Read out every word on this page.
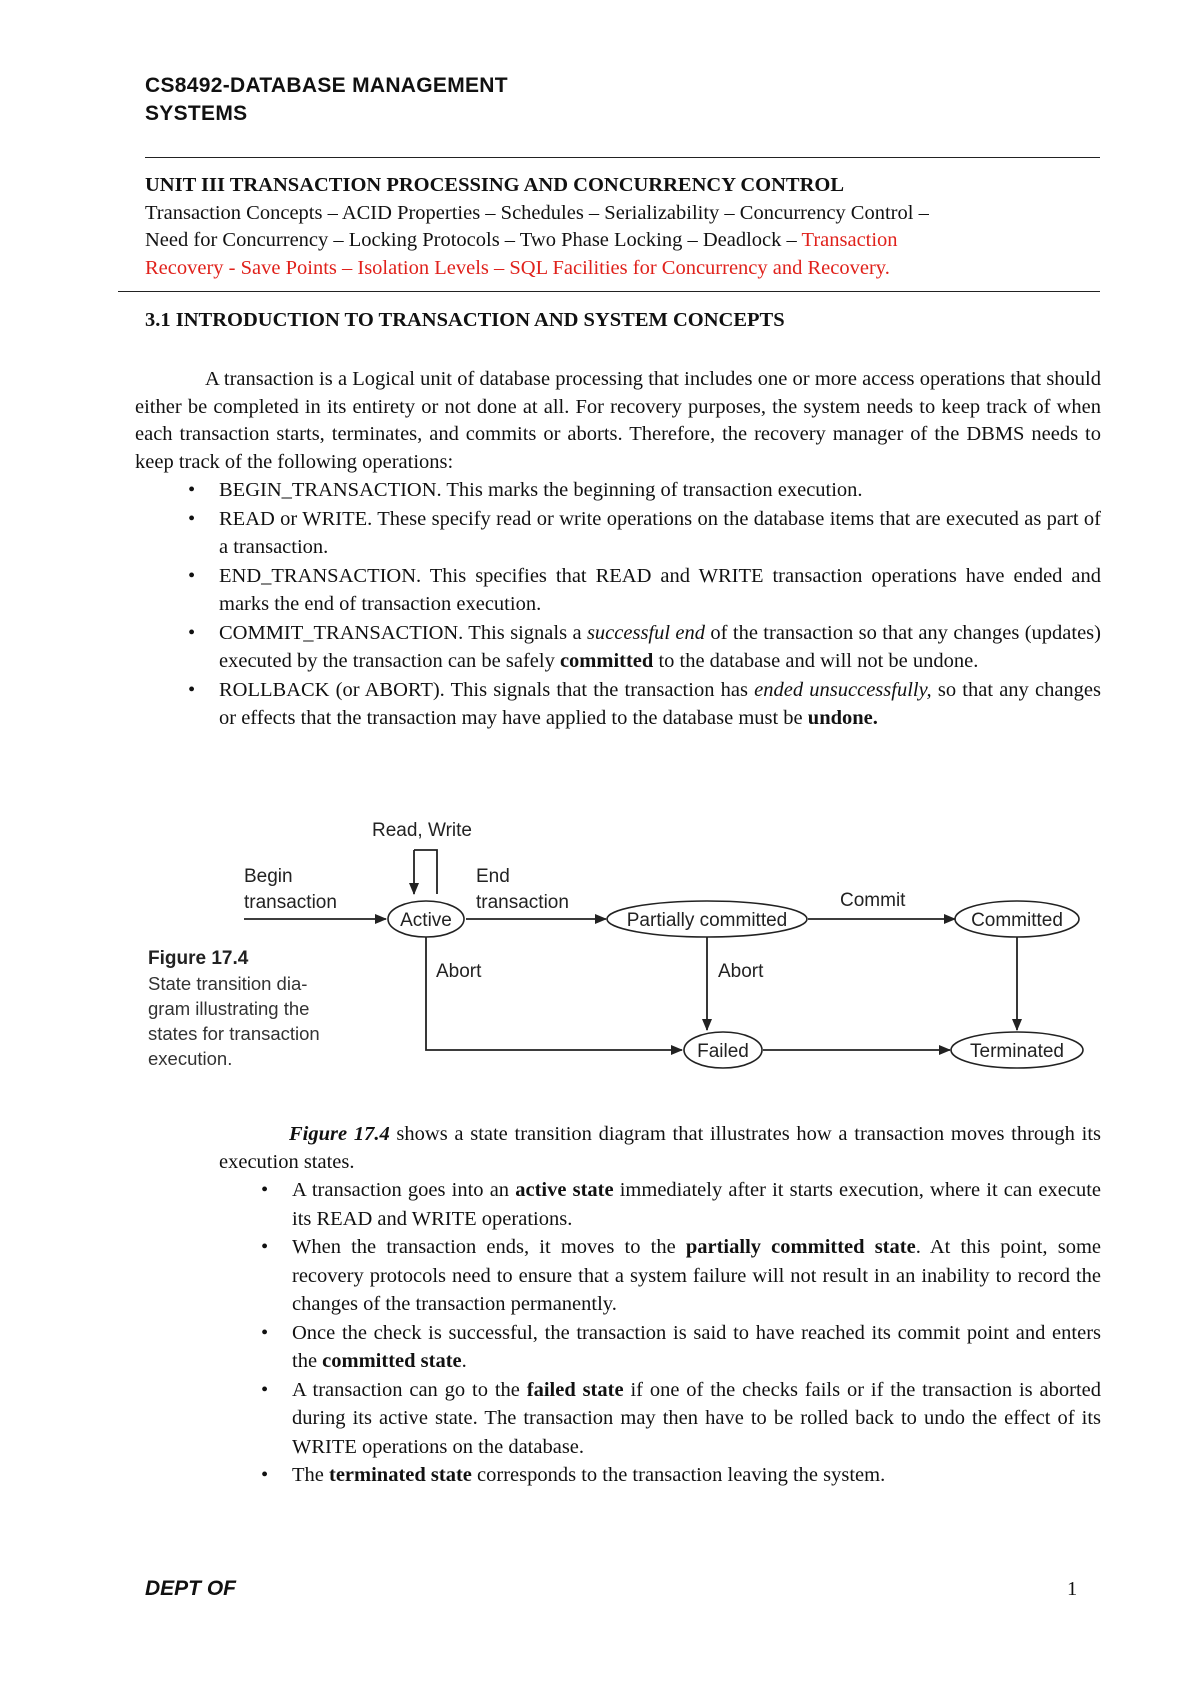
CS8492-DATABASE MANAGEMENT
SYSTEMS
UNIT III TRANSACTION PROCESSING AND CONCURRENCY CONTROL
Transaction Concepts – ACID Properties – Schedules – Serializability – Concurrency Control –
Need for Concurrency – Locking Protocols – Two Phase Locking – Deadlock – Transaction
Recovery - Save Points – Isolation Levels – SQL Facilities for Concurrency and Recovery.
3.1 INTRODUCTION TO TRANSACTION AND SYSTEM CONCEPTS
A transaction is a Logical unit of database processing that includes one or more access operations that should either be completed in its entirety or not done at all. For recovery purposes, the system needs to keep track of when each transaction starts, terminates, and commits or aborts. Therefore, the recovery manager of the DBMS needs to keep track of the following operations:
• BEGIN_TRANSACTION. This marks the beginning of transaction execution.
• READ or WRITE. These specify read or write operations on the database items that are executed as part of a transaction.
• END_TRANSACTION. This specifies that READ and WRITE transaction operations have ended and marks the end of transaction execution.
• COMMIT_TRANSACTION. This signals a successful end of the transaction so that any changes (updates) executed by the transaction can be safely committed to the database and will not be undone.
• ROLLBACK (or ABORT). This signals that the transaction has ended unsuccessfully, so that any changes or effects that the transaction may have applied to the database must be undone.
Figure 17.4
State transition dia-
gram illustrating the
states for transaction
execution.
Read, Write
Begin
transaction
Active
End
transaction
Partially committed
Commit
Committed
Abort	Abort
Failed	Terminated
Figure 17.4 shows a state transition diagram that illustrates how a transaction moves through its execution states.
• A transaction goes into an active state immediately after it starts execution, where it can execute its READ and WRITE operations.
• When the transaction ends, it moves to the partially committed state. At this point, some recovery protocols need to ensure that a system failure will not result in an inability to record the changes of the transaction permanently.
• Once the check is successful, the transaction is said to have reached its commit point and enters the committed state.
• A transaction can go to the failed state if one of the checks fails or if the transaction is aborted during its active state. The transaction may then have to be rolled back to undo the effect of its WRITE operations on the database.
• The terminated state corresponds to the transaction leaving the system.
DEPT OF	1
